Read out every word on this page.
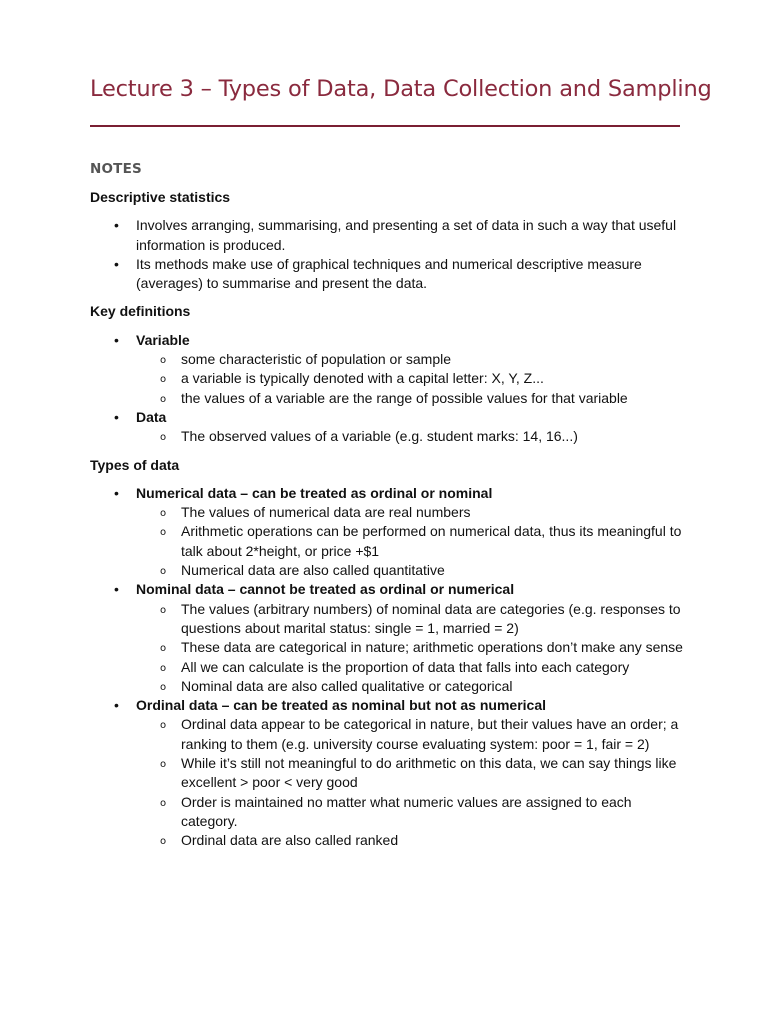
Lecture 3 – Types of Data, Data Collection and Sampling
NOTES
Descriptive statistics
• Involves arranging, summarising, and presenting a set of data in such a way that useful information is produced.
• Its methods make use of graphical techniques and numerical descriptive measure (averages) to summarise and present the data.
Key definitions
• Variable
o some characteristic of population or sample
o a variable is typically denoted with a capital letter: X, Y, Z...
o the values of a variable are the range of possible values for that variable
• Data
o The observed values of a variable (e.g. student marks: 14, 16...)
Types of data
• Numerical data – can be treated as ordinal or nominal
o The values of numerical data are real numbers
o Arithmetic operations can be performed on numerical data, thus its meaningful to talk about 2*height, or price +$1
o Numerical data are also called quantitative
• Nominal data – cannot be treated as ordinal or numerical
o The values (arbitrary numbers) of nominal data are categories (e.g. responses to questions about marital status: single = 1, married = 2)
o These data are categorical in nature; arithmetic operations don’t make any sense
o All we can calculate is the proportion of data that falls into each category
o Nominal data are also called qualitative or categorical
• Ordinal data – can be treated as nominal but not as numerical
o Ordinal data appear to be categorical in nature, but their values have an order; a ranking to them (e.g. university course evaluating system: poor = 1, fair = 2)
o While it’s still not meaningful to do arithmetic on this data, we can say things like excellent > poor < very good
o Order is maintained no matter what numeric values are assigned to each category.
o Ordinal data are also called ranked
